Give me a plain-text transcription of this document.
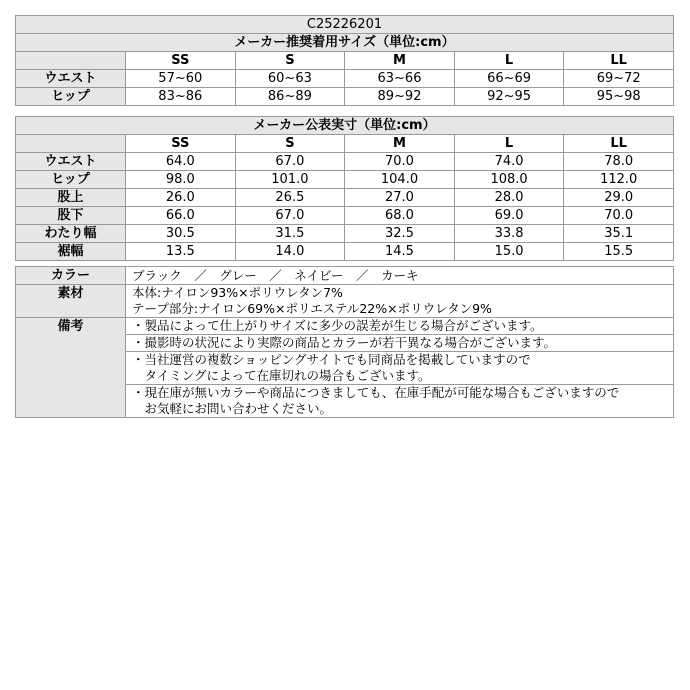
C25226201					
メーカー推奨着用サイズ（単位:cm）					
	SS	S	M	L	LL
ウエスト	57~60	60~63	63~66	66~69	69~72
ヒップ	83~86	86~89	89~92	92~95	95~98
メーカー公表実寸（単位:cm）					
	SS	S	M	L	LL
ウエスト	64.0	67.0	70.0	74.0	78.0
ヒップ	98.0	101.0	104.0	108.0	112.0
股上	26.0	26.5	27.0	28.0	29.0
股下	66.0	67.0	68.0	69.0	70.0
わたり幅	30.5	31.5	32.5	33.8	35.1
裾幅	13.5	14.0	14.5	15.0	15.5
カラー	ブラック　／　グレー　／　ネイビー　／　カーキ
素材	本体:ナイロン93%×ポリウレタン7%
テープ部分:ナイロン69%×ポリエステル22%×ポリウレタン9%

備考	・製品によって仕上がりサイズに多少の誤差が生じる場合がございます。

	・撮影時の状況により実際の商品とカラーが若干異なる場合がございます。

	・当社運営の複数ショッピングサイトでも同商品を掲載していますので
　タイミングによって在庫切れの場合もございます。

	・現在庫が無いカラーや商品につきましても、在庫手配が可能な場合もございますので
　お気軽にお問い合わせください。
